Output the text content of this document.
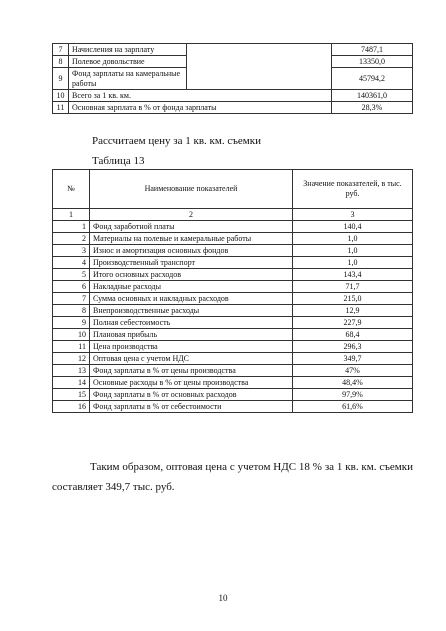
7	Начисления на зарплату		7487,1
8	Полевое довольствие		13350,0
9	Фонд зарплаты на камеральные работы		45794,2
10	Всего за 1 кв. км.		140361,0
11	Основная зарплата в % от фонда зарплаты		28,3%
Рассчитаем цену за 1 кв. км. съемки
Таблица 13
№	Наименование показателей	Значение показателей, в тыс. руб.
1	2	3
1	Фонд заработной платы	140,4
2	Материалы на полевые и камеральные работы	1,0
3	Износ и амортизация основных фондов	1,0
4	Производственный транспорт	1,0
5	Итого основных расходов	143,4
6	Накладные расходы	71,7
7	Сумма основных и накладных расходов	215,0
8	Внепроизводственные расходы	12,9
9	Полная себестоимость	227,9
10	Плановая прибыль	68,4
11	Цена производства	296,3
12	Оптовая цена с учетом НДС	349,7
13	Фонд зарплаты в % от цены производства	47%
14	Основные расходы в % от цены производства	48,4%
15	Фонд зарплаты в % от основных расходов	97,9%
16	Фонд зарплаты в % от себестоимости	61,6%
Таким образом, оптовая цена с учетом НДС 18 % за 1 кв. км. съемки составляет 349,7 тыс. руб.
10
